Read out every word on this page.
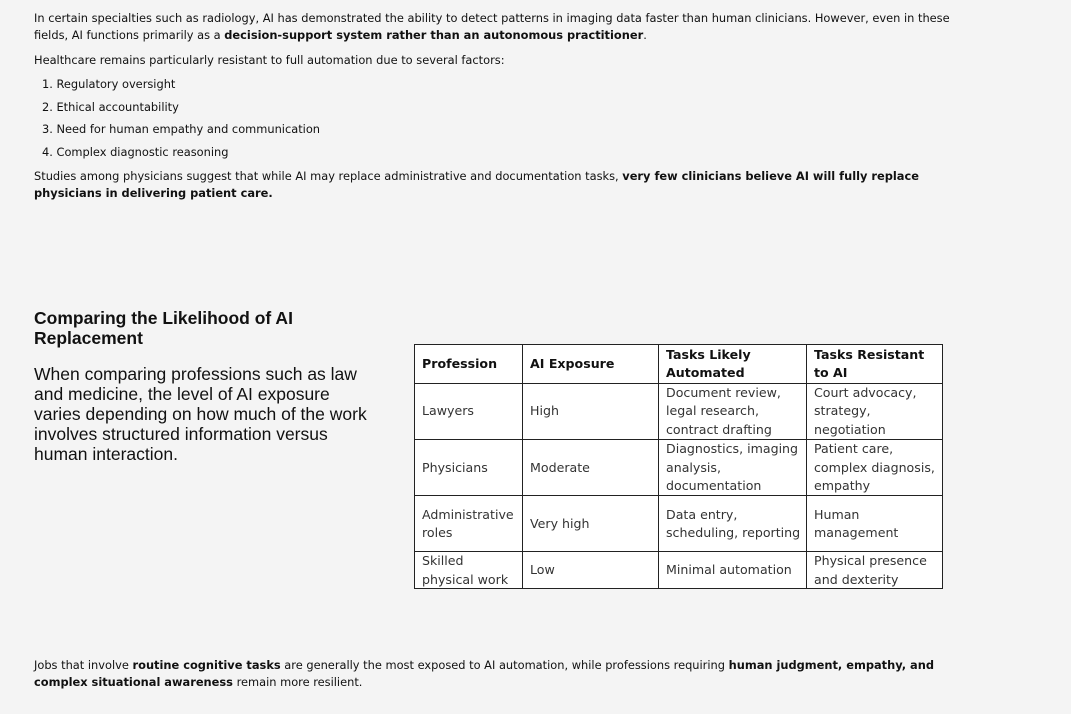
In certain specialties such as radiology, AI has demonstrated the ability to detect patterns in imaging data faster than human clinicians. However, even in these fields, AI functions primarily as a decision-support system rather than an autonomous practitioner.
Healthcare remains particularly resistant to full automation due to several factors:
1. Regulatory oversight
2. Ethical accountability
3. Need for human empathy and communication
4. Complex diagnostic reasoning
Studies among physicians suggest that while AI may replace administrative and documentation tasks, very few clinicians believe AI will fully replace physicians in delivering patient care.
Comparing the Likelihood of AI Replacement
When comparing professions such as law and medicine, the level of AI exposure varies depending on how much of the work involves structured information versus human interaction.
Profession	AI Exposure	Tasks Likely Automated	Tasks Resistant to AI
Lawyers	High	Document review, legal research, contract drafting	Court advocacy, strategy, negotiation
Physicians	Moderate	Diagnostics, imaging analysis, documentation	Patient care, complex diagnosis, empathy
Administrative roles	Very high	Data entry, scheduling, reporting	Human management

Skilled physical work	Low	Minimal automation	Physical presence and dexterity
Jobs that involve routine cognitive tasks are generally the most exposed to AI automation, while professions requiring human judgment, empathy, and complex situational awareness remain more resilient.
